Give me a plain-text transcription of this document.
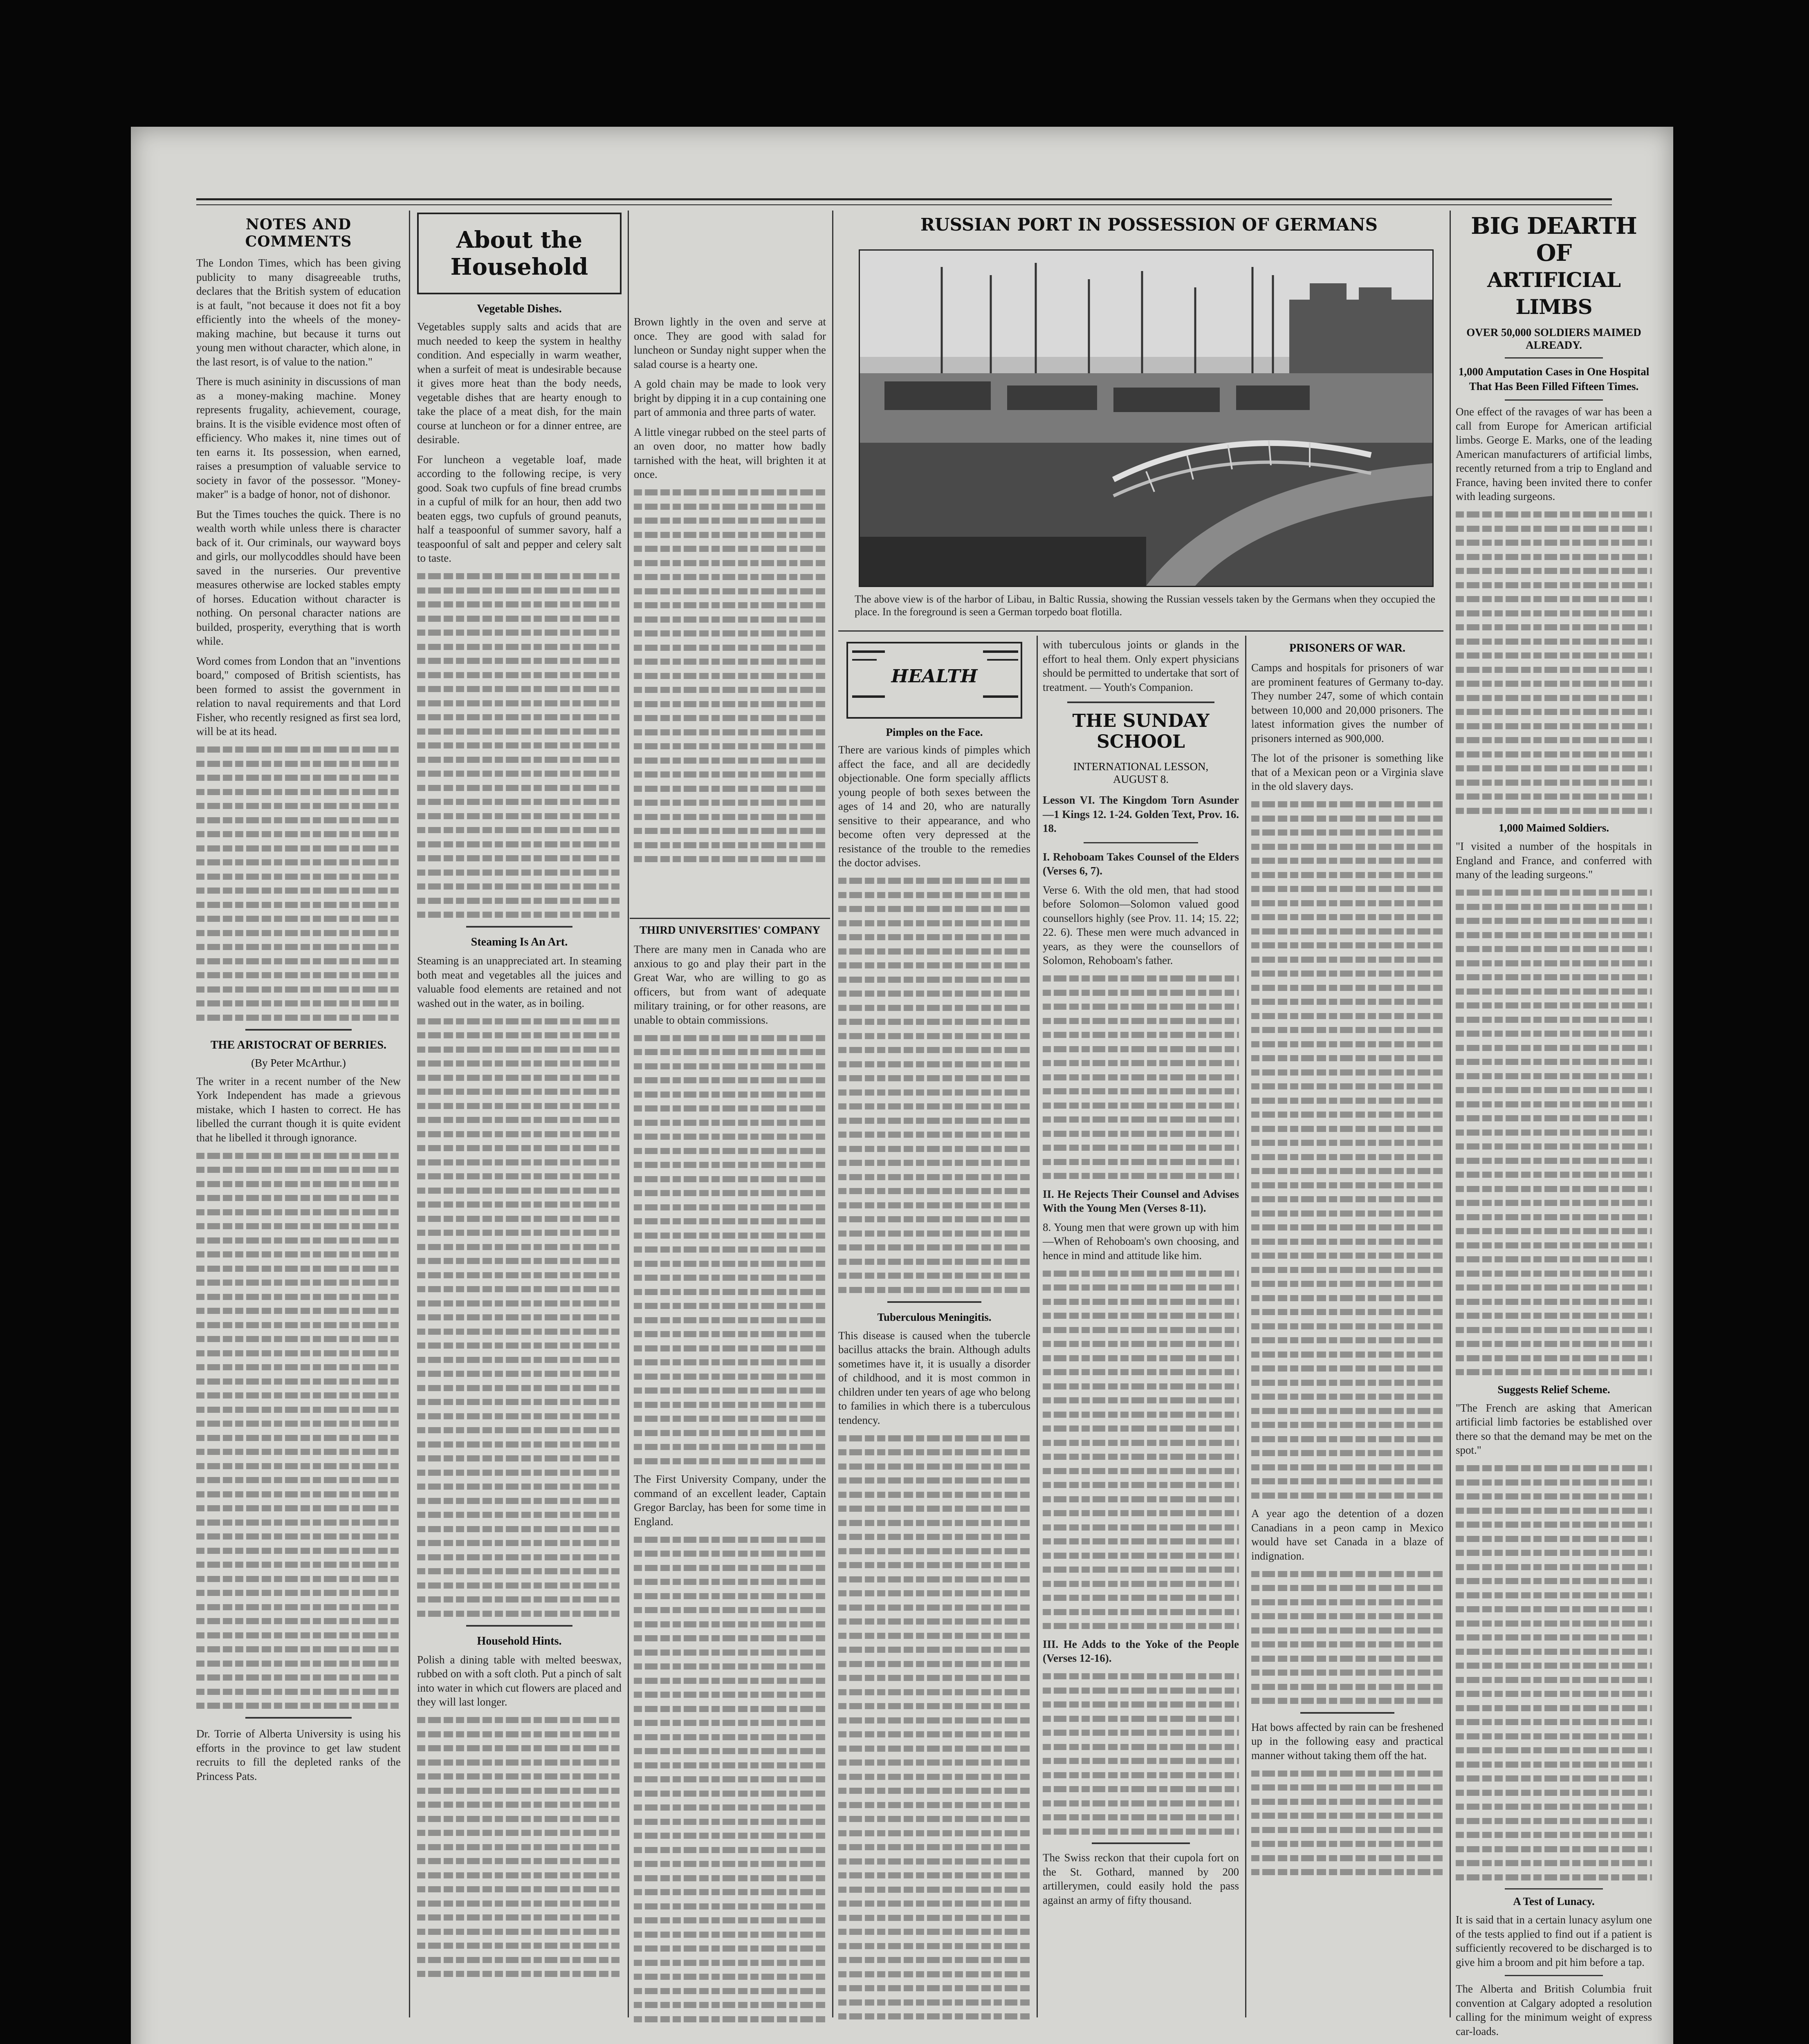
NOTES AND COMMENTS
The London Times, which has been giving publicity to many disagreeable truths, declares that the British system of education is at fault, "not because it does not fit a boy efficiently into the wheels of the money-making machine, but because it turns out young men without character, which alone, in the last resort, is of value to the nation."
There is much asininity in discussions of man as a money-making machine. Money represents frugality, achievement, courage, brains. It is the visible evidence most often of efficiency. Who makes it, nine times out of ten earns it. Its possession, when earned, raises a presumption of valuable service to society in favor of the possessor. "Money-maker" is a badge of honor, not of dishonor.
But the Times touches the quick. There is no wealth worth while unless there is character back of it. Our criminals, our wayward boys and girls, our mollycoddles should have been saved in the nurseries. Our preventive measures otherwise are locked stables empty of horses. Education without character is nothing. On personal character nations are builded, prosperity, everything that is worth while.
Word comes from London that an "inventions board," composed of British scientists, has been formed to assist the government in relation to naval requirements and that Lord Fisher, who recently resigned as first sea lord, will be at its head.
THE ARISTOCRAT OF BERRIES.
(By Peter McArthur.)
The writer in a recent number of the New York Independent has made a grievous mistake, which I hasten to correct. He has libelled the currant though it is quite evident that he libelled it through ignorance.
Dr. Torrie of Alberta University is using his efforts in the province to get law student recruits to fill the depleted ranks of the Princess Pats.
About the Household
Vegetable Dishes.
Vegetables supply salts and acids that are much needed to keep the system in healthy condition. And especially in warm weather, when a surfeit of meat is undesirable because it gives more heat than the body needs, vegetable dishes that are hearty enough to take the place of a meat dish, for the main course at luncheon or for a dinner entree, are desirable.
For luncheon a vegetable loaf, made according to the following recipe, is very good. Soak two cupfuls of fine bread crumbs in a cupful of milk for an hour, then add two beaten eggs, two cupfuls of ground peanuts, half a teaspoonful of summer savory, half a teaspoonful of salt and pepper and celery salt to taste.
Steaming Is An Art.
Steaming is an unappreciated art. In steaming both meat and vegetables all the juices and valuable food elements are retained and not washed out in the water, as in boiling.
Household Hints.
Polish a dining table with melted beeswax, rubbed on with a soft cloth. Put a pinch of salt into water in which cut flowers are placed and they will last longer.
Brown lightly in the oven and serve at once. They are good with salad for luncheon or Sunday night supper when the salad course is a hearty one.
A gold chain may be made to look very bright by dipping it in a cup containing one part of ammonia and three parts of water.
A little vinegar rubbed on the steel parts of an oven door, no matter how badly tarnished with the heat, will brighten it at once.
THIRD UNIVERSITIES' COMPANY
There are many men in Canada who are anxious to go and play their part in the Great War, who are willing to go as officers, but from want of adequate military training, or for other reasons, are unable to obtain commissions.
The First University Company, under the command of an excellent leader, Captain Gregor Barclay, has been for some time in England.
RUSSIAN PORT IN POSSESSION OF GERMANS
The above view is of the harbor of Libau, in Baltic Russia, showing the Russian vessels taken by the Germans when they occupied the place. In the foreground is seen a German torpedo boat flotilla.
HEALTH
Pimples on the Face.
There are various kinds of pimples which affect the face, and all are decidedly objectionable. One form specially afflicts young people of both sexes between the ages of 14 and 20, who are naturally sensitive to their appearance, and who become often very depressed at the resistance of the trouble to the remedies the doctor advises.
Tuberculous Meningitis.
This disease is caused when the tubercle bacillus attacks the brain. Although adults sometimes have it, it is usually a disorder of childhood, and it is most common in children under ten years of age who belong to families in which there is a tuberculous tendency.
with tuberculous joints or glands in the effort to heal them. Only expert physicians should be permitted to undertake that sort of treatment. — Youth's Companion.
THE SUNDAY SCHOOL
INTERNATIONAL LESSON,
AUGUST 8.
Lesson VI. The Kingdom Torn Asunder—1 Kings 12. 1-24. Golden Text, Prov. 16. 18.
I. Rehoboam Takes Counsel of the Elders (Verses 6, 7).
Verse 6. With the old men, that had stood before Solomon—Solomon valued good counsellors highly (see Prov. 11. 14; 15. 22; 22. 6). These men were much advanced in years, as they were the counsellors of Solomon, Rehoboam's father.
II. He Rejects Their Counsel and Advises With the Young Men (Verses 8-11).
8. Young men that were grown up with him—When of Rehoboam's own choosing, and hence in mind and attitude like him.
III. He Adds to the Yoke of the People (Verses 12-16).
The Swiss reckon that their cupola fort on the St. Gothard, manned by 200 artillerymen, could easily hold the pass against an army of fifty thousand.
PRISONERS OF WAR.
Camps and hospitals for prisoners of war are prominent features of Germany to-day. They number 247, some of which contain between 10,000 and 20,000 prisoners. The latest information gives the number of prisoners interned as 900,000.
The lot of the prisoner is something like that of a Mexican peon or a Virginia slave in the old slavery days.
A year ago the detention of a dozen Canadians in a peon camp in Mexico would have set Canada in a blaze of indignation.
Hat bows affected by rain can be freshened up in the following easy and practical manner without taking them off the hat.
BIG DEARTH OF
ARTIFICIAL LIMBS
OVER 50,000 SOLDIERS MAIMED ALREADY.
1,000 Amputation Cases in One Hospital That Has Been Filled Fifteen Times.
One effect of the ravages of war has been a call from Europe for American artificial limbs. George E. Marks, one of the leading American manufacturers of artificial limbs, recently returned from a trip to England and France, having been invited there to confer with leading surgeons.
1,000 Maimed Soldiers.
"I visited a number of the hospitals in England and France, and conferred with many of the leading surgeons."
Suggests Relief Scheme.
"The French are asking that American artificial limb factories be established over there so that the demand may be met on the spot."
A Test of Lunacy.
It is said that in a certain lunacy asylum one of the tests applied to find out if a patient is sufficiently recovered to be discharged is to give him a broom and pit him before a tap.
The Alberta and British Columbia fruit convention at Calgary adopted a resolution calling for the minimum weight of express car-loads.
